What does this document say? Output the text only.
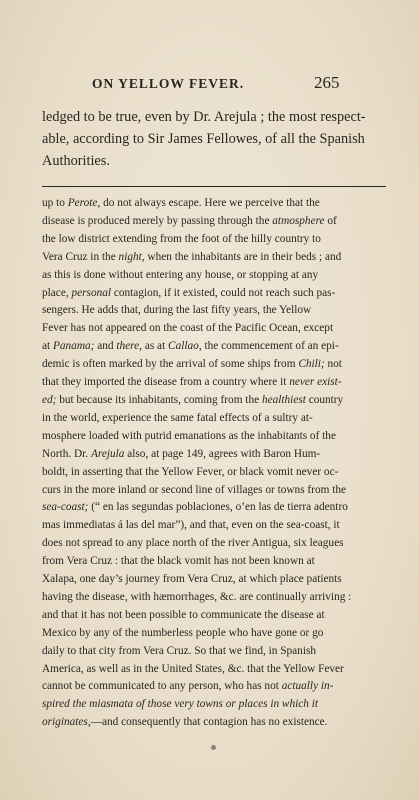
ON YELLOW FEVER.	265
ledged to be true, even by Dr. Arejula ; the most respect-
able, according to Sir James Fellowes, of all the Spanish
Authorities.
up to Perote, do not always escape. Here we perceive that the
disease is produced merely by passing through the atmosphere of
the low district extending from the foot of the hilly country to
Vera Cruz in the night, when the inhabitants are in their beds ; and
as this is done without entering any house, or stopping at any
place, personal contagion, if it existed, could not reach such pas-
sengers. He adds that, during the last fifty years, the Yellow
Fever has not appeared on the coast of the Pacific Ocean, except
at Panama; and there, as at Callao, the commencement of an epi-
demic is often marked by the arrival of some ships from Chili; not
that they imported the disease from a country where it never exist-
ed; but because its inhabitants, coming from the healthiest country
in the world, experience the same fatal effects of a sultry at-
mosphere loaded with putrid emanations as the inhabitants of the
North. Dr. Arejula also, at page 149, agrees with Baron Hum-
boldt, in asserting that the Yellow Fever, or black vomit never oc-
curs in the more inland or second line of villages or towns from the
sea-coast; (“ en las segundas poblaciones, o’en las de tierra adentro
mas immediatas á las del mar”), and that, even on the sea-coast, it
does not spread to any place north of the river Antigua, six leagues
from Vera Cruz : that the black vomit has not been known at
Xalapa, one day’s journey from Vera Cruz, at which place patients
having the disease, with hæmorrhages, &c. are continually arriving :
and that it has not been possible to communicate the disease at
Mexico by any of the numberless people who have gone or go
daily to that city from Vera Cruz. So that we find, in Spanish
America, as well as in the United States, &c. that the Yellow Fever
cannot be communicated to any person, who has not actually in-
spired the miasmata of those very towns or places in which it
originates,—and consequently that contagion has no existence.
